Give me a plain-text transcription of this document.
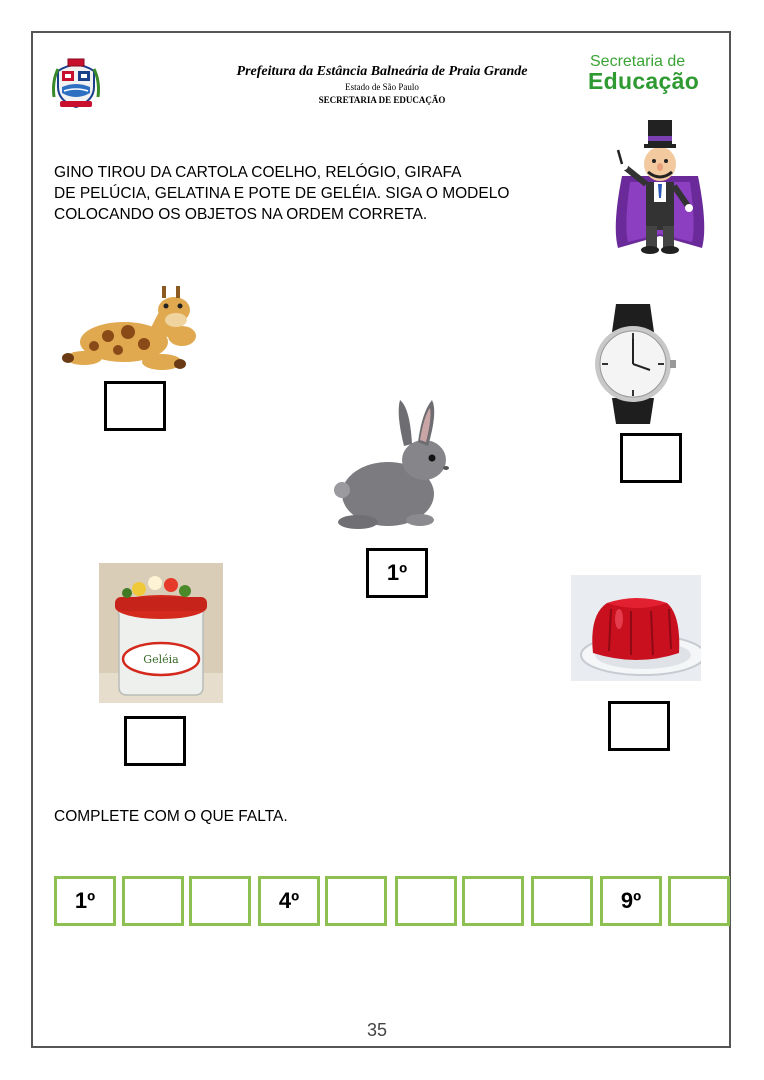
Prefeitura da Estância Balneária de Praia Grande
Estado de São Paulo
SECRETARIA DE EDUCAÇÃO
Secretaria de
Educação
GINO TIROU DA CARTOLA COELHO, RELÓGIO, GIRAFA
DE PELÚCIA, GELATINA E POTE DE GELÉIA. SIGA O MODELO
COLOCANDO OS OBJETOS NA ORDEM CORRETA.
1º
Geléia
COMPLETE COM O QUE FALTA.
1º	4º	9º
35
